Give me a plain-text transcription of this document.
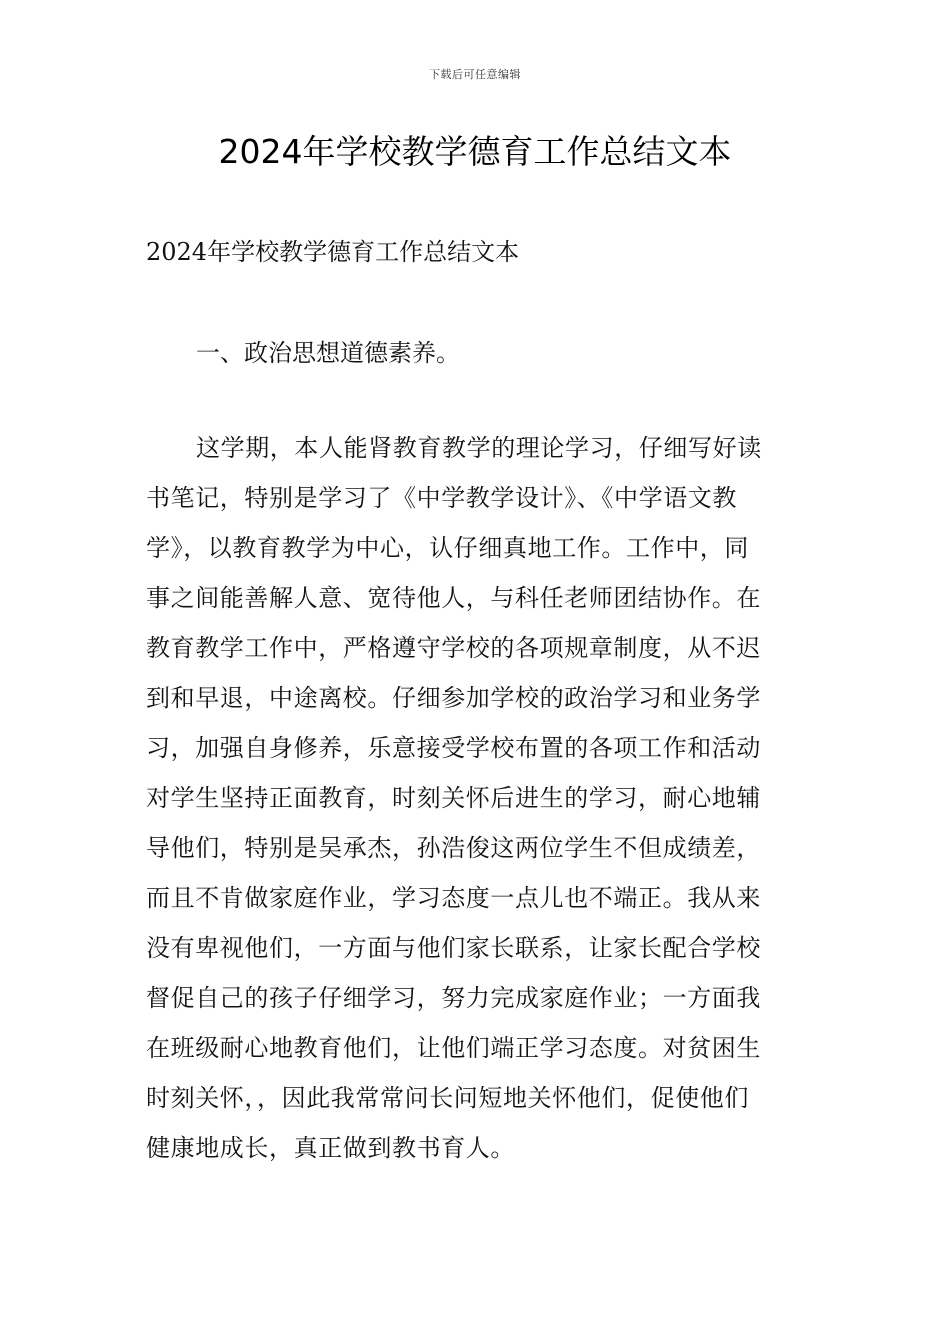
下载后可任意编辑
2024年学校教学德育工作总结文本

2024年学校教学德育工作总结文本

一、政治思想道德素养。

这学期，本人能肾教育教学的理论学习，仔细写好读
书笔记，特别是学习了《中学教学设计》、《中学语文教
学》，以教育教学为中心，认仔细真地工作。工作中，同
事之间能善解人意、宽待他人，与科任老师团结协作。在
教育教学工作中，严格遵守学校的各项规章制度，从不迟
到和早退，中途离校。仔细参加学校的政治学习和业务学
习，加强自身修养，乐意接受学校布置的各项工作和活动
对学生坚持正面教育，时刻关怀后进生的学习，耐心地辅
导他们，特别是吴承杰，孙浩俊这两位学生不但成绩差，
而且不肯做家庭作业，学习态度一点儿也不端正。我从来
没有卑视他们，一方面与他们家长联系，让家长配合学校
督促自己的孩子仔细学习，努力完成家庭作业；一方面我
在班级耐心地教育他们，让他们端正学习态度。对贫困生
时刻关怀，，因此我常常问长问短地关怀他们，促使他们
健康地成长，真正做到教书育人。
